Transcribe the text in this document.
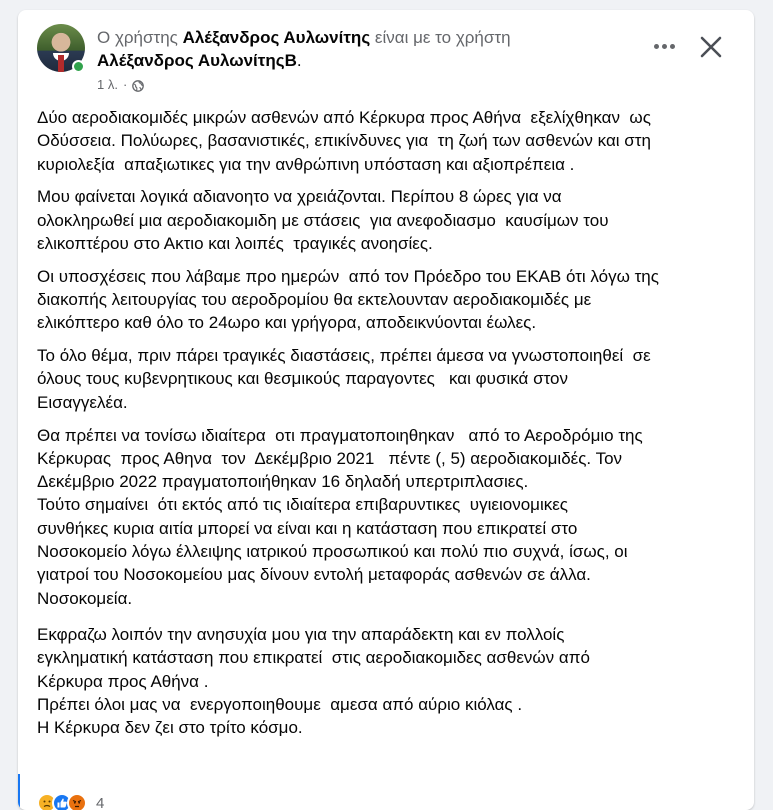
Ο χρήστης Αλέξανδρος Αυλωνίτης είναι με το χρήστη
Αλέξανδρος ΑυλωνίτηςΒ.
1 λ. ·
Δύο αεροδιακομιδές μικρών ασθενών από Κέρκυρα προς Αθήνα  εξελίχθηκαν  ως
Οδύσσεια. Πολύωρες, βασανιστικές, επικίνδυνες για  τη ζωή των ασθενών και στη
κυριολεξία  απαξιωτικες για την ανθρώπινη υπόσταση και αξιοπρέπεια .
Μου φαίνεται λογικά αδιανοητο να χρειάζονται. Περίπου 8 ώρες για να
ολοκληρωθεί μια αεροδιακομιδη με στάσεις  για ανεφοδιασμο  καυσίμων του
ελικοπτέρου στο Ακτιο και λοιπές  τραγικές ανοησίες.
Οι υποσχέσεις που λάβαμε προ ημερών  από τον Πρόεδρο του ΕΚΑΒ ότι λόγω της
διακοπής λειτουργίας του αεροδρομίου θα εκτελουνταν αεροδιακομιδές με
ελικόπτερο καθ όλο το 24ωρο και γρήγορα, αποδεικνύονται έωλες.
Το όλο θέμα, πριν πάρει τραγικές διαστάσεις, πρέπει άμεσα να γνωστοποιηθεί  σε
όλους τους κυβενρητικους και θεσμικούς παραγοντες   και φυσικά στον
Εισαγγελέα.
Θα πρέπει να τονίσω ιδιαίτερα  οτι πραγματοποιηθηκαν   από το Αεροδρόμιο της
Κέρκυρας  προς Αθηνα  τον  Δεκέμβριο 2021   πέντε (, 5) αεροδιακομιδές. Τον
Δεκέμβριο 2022 πραγματοποιήθηκαν 16 δηλαδή υπερτριπλασιες.
Τούτο σημαίνει  ότι εκτός από τις ιδιαίτερα επιβαρυντικες  υγιειονομικες
συνθήκες κυρια αιτία μπορεί να είναι και η κατάσταση που επικρατεί στο
Νοσοκομείο λόγω έλλειψης ιατρικού προσωπικού και πολύ πιο συχνά, ίσως, οι
γιατροί του Νοσοκομείου μας δίνουν εντολή μεταφοράς ασθενών σε άλλα.
Νοσοκομεία.
Εκφραζω λοιπόν την ανησυχία μου για την απαράδεκτη και εν πολλοίς
εγκληματική κατάσταση που επικρατεί  στις αεροδιακομιδες ασθενών από
Κέρκυρα προς Αθήνα .
Πρέπει όλοι μας να  ενεργοποιηθουμε  αμεσα από αύριο κιόλας .
Η Κέρκυρα δεν ζει στο τρίτο κόσμο.
4
